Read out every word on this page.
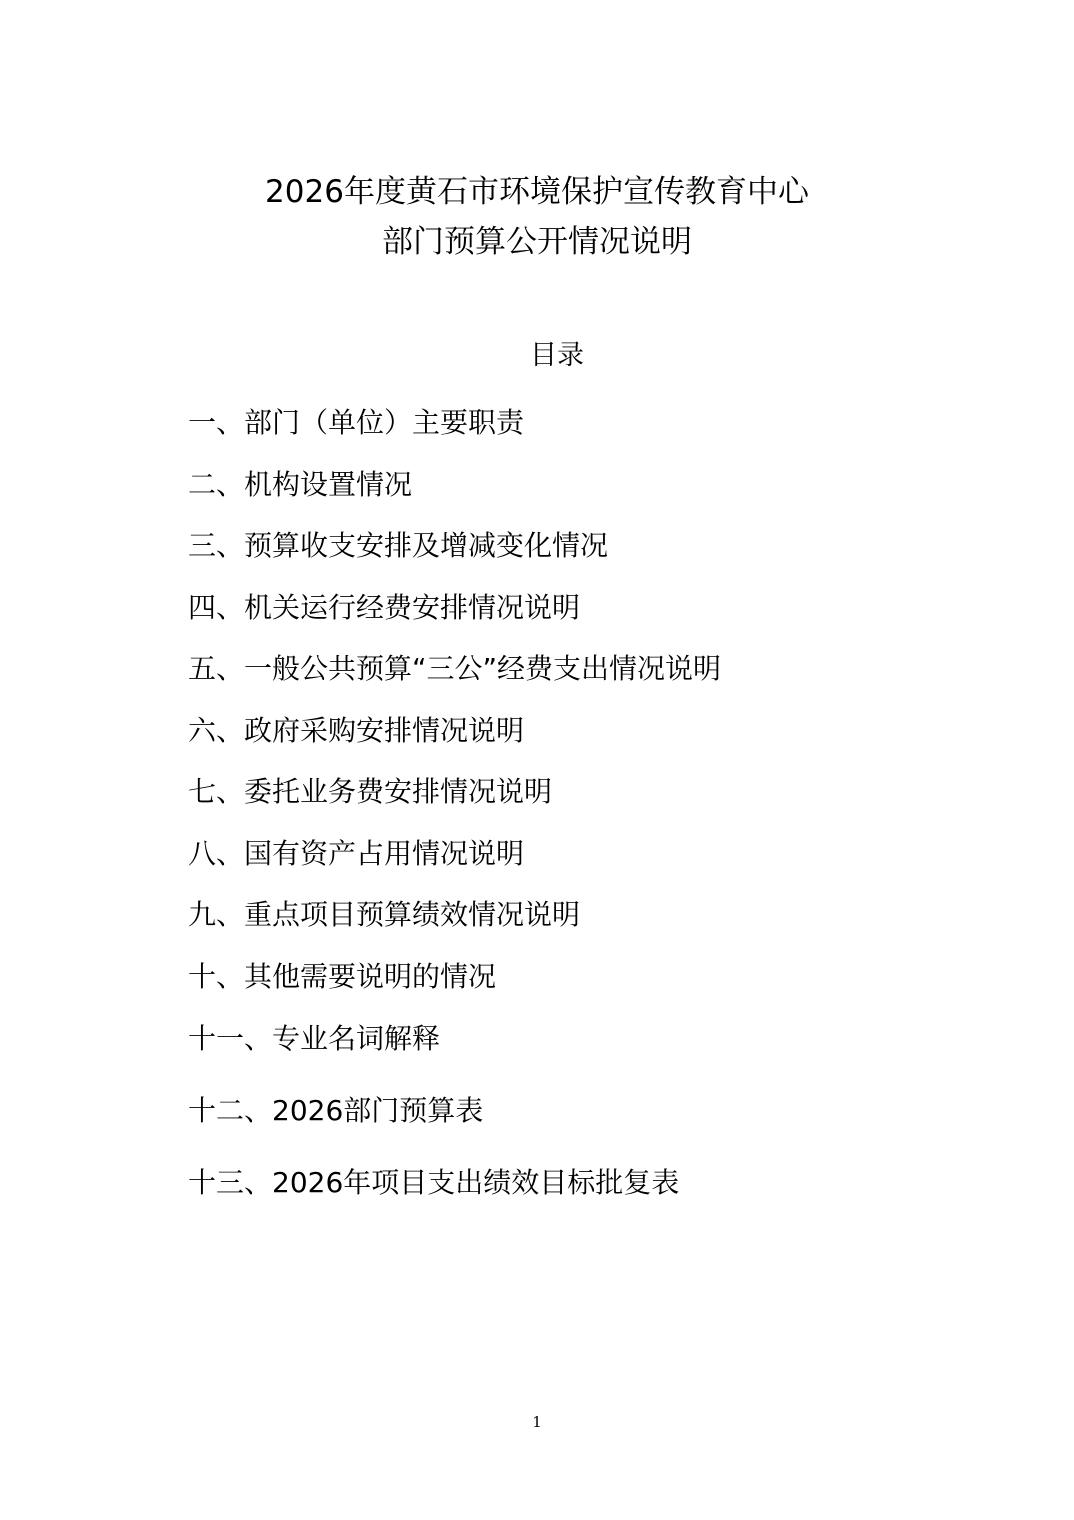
2026年度黄石市环境保护宣传教育中心
部门预算公开情况说明
目录
一、部门（单位）主要职责
二、机构设置情况
三、预算收支安排及增减变化情况
四、机关运行经费安排情况说明
五、一般公共预算“三公”经费支出情况说明
六、政府采购安排情况说明
七、委托业务费安排情况说明
八、国有资产占用情况说明
九、重点项目预算绩效情况说明
十、其他需要说明的情况
十一、专业名词解释
十二、2026部门预算表
十三、2026年项目支出绩效目标批复表
1
